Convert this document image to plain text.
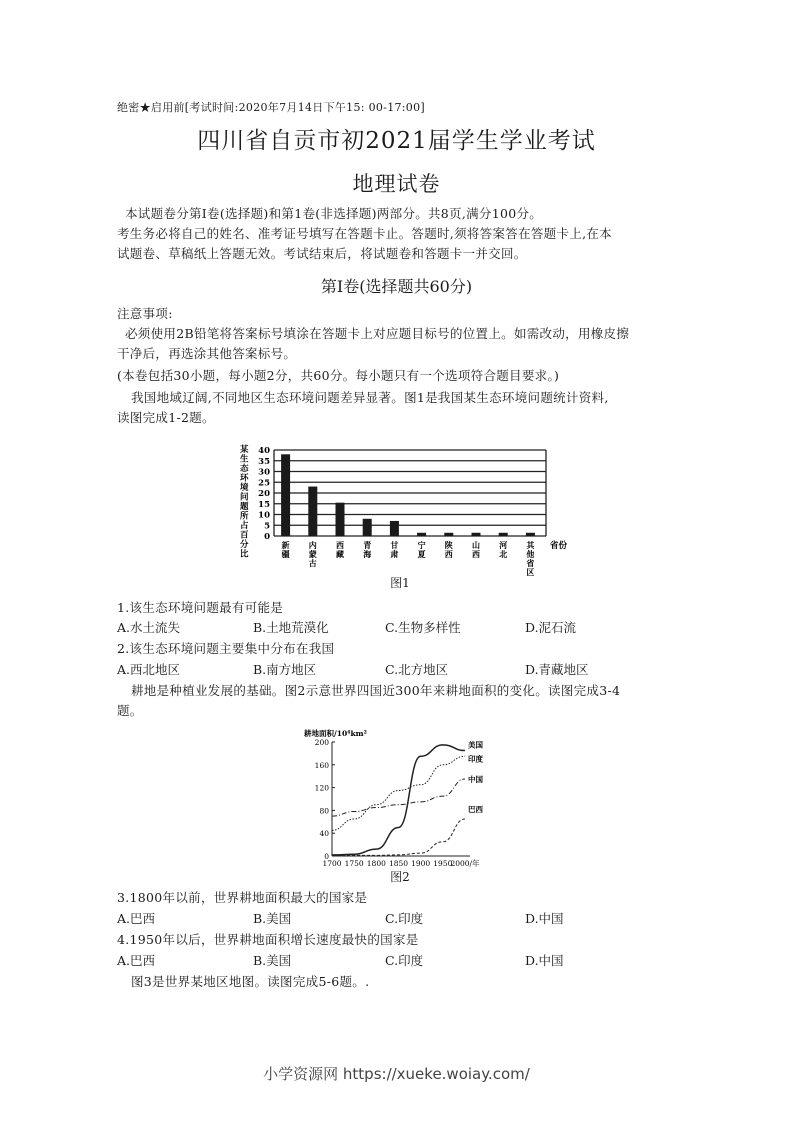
绝密★启用前[考试时间:2020年7月14日下午15: 00-17:00]
四川省自贡市初2021届学生学业考试
地理试卷
本试题卷分第Ⅰ卷(选择题)和第1卷(非选择题)两部分。共8页,满分100分。
考生务必将自己的姓名、准考证号填写在答题卡止。答题时,须将答案答在答题卡上,在本
试题卷、草稿纸上答题无效。考试结束后，将试题卷和答题卡一并交回。
第Ⅰ卷(选择题共60分)
注意事项:
必须使用2B铅笔将答案标号填涂在答题卡上对应题目标号的位置上。如需改动，用橡皮擦
干净后，再选涂其他答案标号。
(本卷包括30小题，每小题2分，共60分。每小题只有一个选项符合题目要求。)
我国地域辽阔,不同地区生态环境问题差异显著。图1是我国某生态环境问题统计资料,
读图完成1-2题。
某
生
态
环
境
问
题
所
占
百
分
比
0
5
10
15
20
25
30
35
40
新
疆
内
蒙
古
西
藏
青
海
甘
肃
宁
夏
陕
西
山
西
河
北
其
他
省
区
省份
图1
1.该生态环境问题最有可能是
A.水土流失	B.土地荒漠化	C.生物多样性	D.泥石流
2.该生态环境问题主要集中分布在我国
A.西北地区	B.南方地区	C.北方地区	D.青藏地区
耕地是种植业发展的基础。图2示意世界四国近300年来耕地面积的变化。读图完成3-4
题。
耕地面积/10⁴km²
0
40
80
120
160
200
1700 1750 1800 1850 1900 1950
2000/年
美国
印度
中国
巴西
图2
3.1800年以前，世界耕地面积最大的国家是
A.巴西	B.美国	C.印度	D.中国
4.1950年以后，世界耕地面积增长速度最快的国家是
A.巴西	B.美国	C.印度	D.中国
图3是世界某地区地图。读图完成5-6题。.
小学资源网 https://xueke.woiay.com/
